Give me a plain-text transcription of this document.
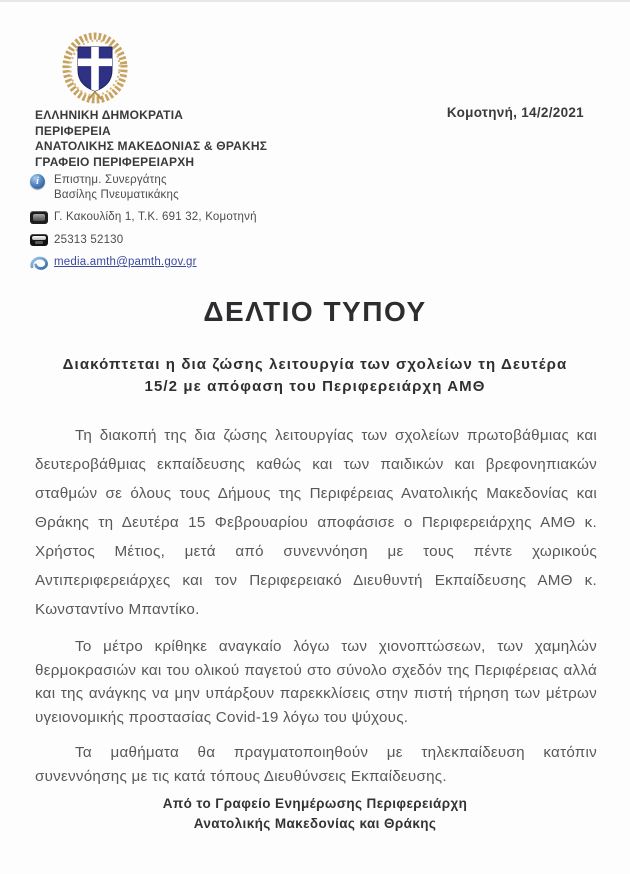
Κομοτηνή, 14/2/2021
ΕΛΛΗΝΙΚΗ ΔΗΜΟΚΡΑΤΙΑ
ΠΕΡΙΦΕΡΕΙΑ
ΑΝΑΤΟΛΙΚΗΣ ΜΑΚΕΔΟΝΙΑΣ & ΘΡΑΚΗΣ
ΓΡΑΦΕΙΟ ΠΕΡΙΦΕΡΕΙΑΡΧΗ
i
Επιστημ. Συνεργάτης
Βασίλης Πνευματικάκης
Γ. Κακουλίδη 1, Τ.Κ. 691 32, Κομοτηνή
25313 52130
media.amth@pamth.gov.gr
ΔΕΛΤΙΟ ΤΥΠΟΥ
Διακόπτεται η δια ζώσης λειτουργία των σχολείων τη Δευτέρα
15/2 με απόφαση του Περιφερειάρχη ΑΜΘ

Τη διακοπή της δια ζώσης λειτουργίας των σχολείων πρωτοβάθμιας και δευτεροβάθμιας εκπαίδευσης καθώς και των παιδικών και βρεφονηπιακών σταθμών σε όλους τους Δήμους της Περιφέρειας Ανατολικής Μακεδονίας και Θράκης τη Δευτέρα 15 Φεβρουαρίου αποφάσισε ο Περιφερειάρχης ΑΜΘ κ. Χρήστος Μέτιος, μετά από συνεννόηση με τους πέντε χωρικούς Αντιπεριφερειάρχες και τον Περιφερειακό Διευθυντή Εκπαίδευσης ΑΜΘ κ. Κωνσταντίνο Μπαντίκο.

Το μέτρο κρίθηκε αναγκαίο λόγω των χιονοπτώσεων, των χαμηλών θερμοκρασιών και του ολικού παγετού στο σύνολο σχεδόν της Περιφέρειας αλλά και της ανάγκης να μην υπάρξουν παρεκκλίσεις στην πιστή τήρηση των μέτρων υγειονομικής προστασίας Covid-19 λόγω του ψύχους.

Τα μαθήματα θα πραγματοποιηθούν με τηλεκπαίδευση κατόπιν συνεννόησης με τις κατά τόπους Διευθύνσεις Εκπαίδευσης.

Από το Γραφείο Ενημέρωσης Περιφερειάρχη
Ανατολικής Μακεδονίας και Θράκης
